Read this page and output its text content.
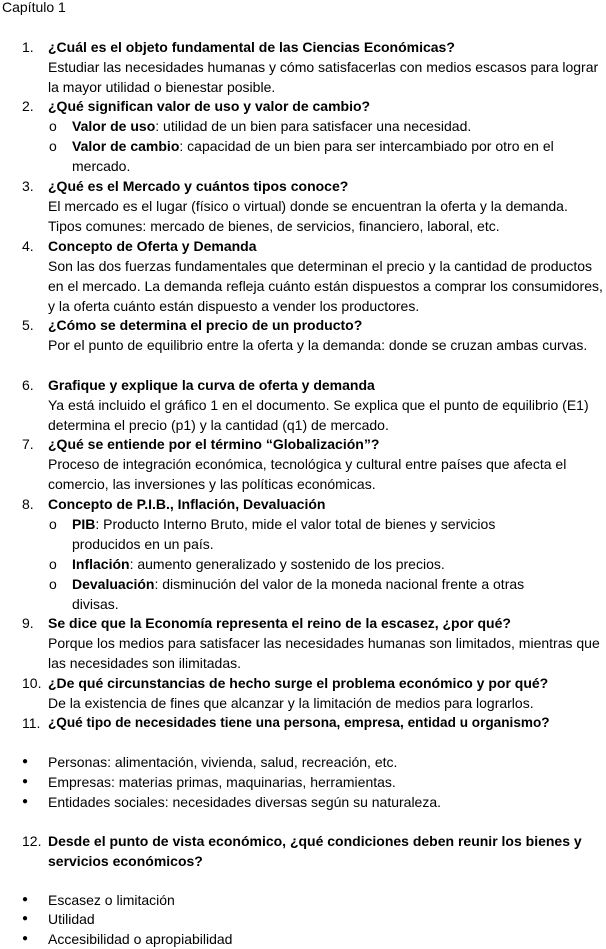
Capítulo 1
1. ¿Cuál es el objeto fundamental de las Ciencias Económicas?
Estudiar las necesidades humanas y cómo satisfacerlas con medios escasos para lograr la mayor utilidad o bienestar posible.
2. ¿Qué significan valor de uso y valor de cambio?
o Valor de uso: utilidad de un bien para satisfacer una necesidad.
o Valor de cambio: capacidad de un bien para ser intercambiado por otro en el mercado.
3. ¿Qué es el Mercado y cuántos tipos conoce?
El mercado es el lugar (físico o virtual) donde se encuentran la oferta y la demanda. Tipos comunes: mercado de bienes, de servicios, financiero, laboral, etc.
4. Concepto de Oferta y Demanda
Son las dos fuerzas fundamentales que determinan el precio y la cantidad de productos en el mercado. La demanda refleja cuánto están dispuestos a comprar los consumidores, y la oferta cuánto están dispuesto a vender los productores.
5. ¿Cómo se determina el precio de un producto?
Por el punto de equilibrio entre la oferta y la demanda: donde se cruzan ambas curvas.
6. Grafique y explique la curva de oferta y demanda
Ya está incluido el gráfico 1 en el documento. Se explica que el punto de equilibrio (E1) determina el precio (p1) y la cantidad (q1) de mercado.
7. ¿Qué se entiende por el término “Globalización”?
Proceso de integración económica, tecnológica y cultural entre países que afecta el comercio, las inversiones y las políticas económicas.
8. Concepto de P.I.B., Inflación, Devaluación
o PIB: Producto Interno Bruto, mide el valor total de bienes y servicios producidos en un país.
o Inflación: aumento generalizado y sostenido de los precios.
o Devaluación: disminución del valor de la moneda nacional frente a otras divisas.
9. Se dice que la Economía representa el reino de la escasez, ¿por qué?
Porque los medios para satisfacer las necesidades humanas son limitados, mientras que las necesidades son ilimitadas.
10. ¿De qué circunstancias de hecho surge el problema económico y por qué?
De la existencia de fines que alcanzar y la limitación de medios para lograrlos.
11. ¿Qué tipo de necesidades tiene una persona, empresa, entidad u organismo?
● Personas: alimentación, vivienda, salud, recreación, etc.
● Empresas: materias primas, maquinarias, herramientas.
● Entidades sociales: necesidades diversas según su naturaleza.
12. Desde el punto de vista económico, ¿qué condiciones deben reunir los bienes y servicios económicos?
● Escasez o limitación
● Utilidad
● Accesibilidad o apropiabilidad
